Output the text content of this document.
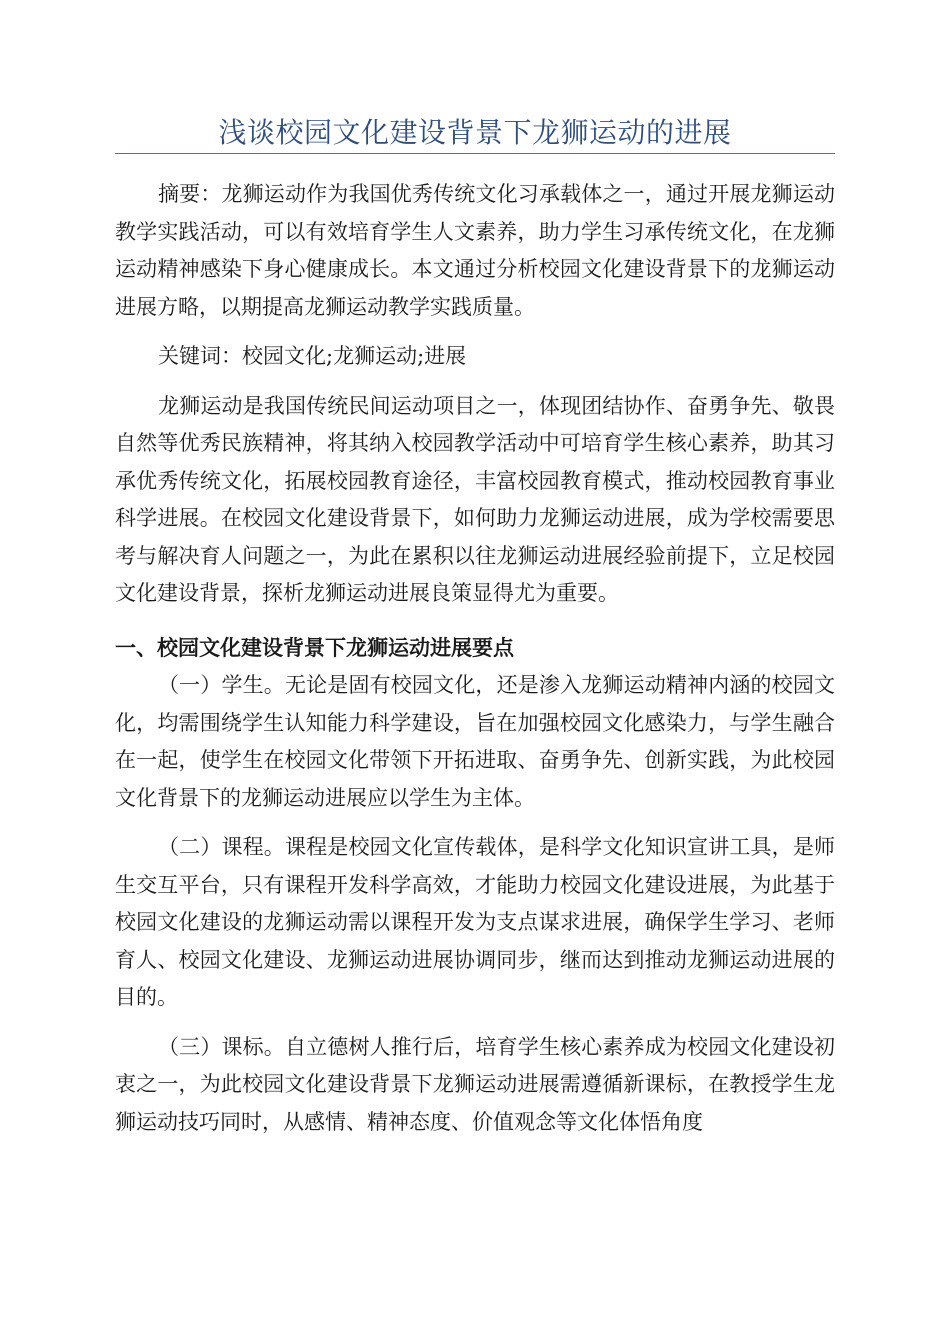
浅谈校园文化建设背景下龙狮运动的进展

摘要：龙狮运动作为我国优秀传统文化习承载体之一，通过开展龙狮运动教学实践活动，可以有效培育学生人文素养，助力学生习承传统文化，在龙狮运动精神感染下身心健康成长。本文通过分析校园文化建设背景下的龙狮运动进展方略，以期提高龙狮运动教学实践质量。

关键词：校园文化;龙狮运动;进展

龙狮运动是我国传统民间运动项目之一，体现团结协作、奋勇争先、敬畏自然等优秀民族精神，将其纳入校园教学活动中可培育学生核心素养，助其习承优秀传统文化，拓展校园教育途径，丰富校园教育模式，推动校园教育事业科学进展。在校园文化建设背景下，如何助力龙狮运动进展，成为学校需要思考与解决育人问题之一，为此在累积以往龙狮运动进展经验前提下，立足校园文化建设背景，探析龙狮运动进展良策显得尤为重要。

一、校园文化建设背景下龙狮运动进展要点

（一）学生。无论是固有校园文化，还是渗入龙狮运动精神内涵的校园文化，均需围绕学生认知能力科学建设，旨在加强校园文化感染力，与学生融合在一起，使学生在校园文化带领下开拓进取、奋勇争先、创新实践，为此校园文化背景下的龙狮运动进展应以学生为主体。

（二）课程。课程是校园文化宣传载体，是科学文化知识宣讲工具，是师生交互平台，只有课程开发科学高效，才能助力校园文化建设进展，为此基于校园文化建设的龙狮运动需以课程开发为支点谋求进展，确保学生学习、老师育人、校园文化建设、龙狮运动进展协调同步，继而达到推动龙狮运动进展的目的。

（三）课标。自立德树人推行后，培育学生核心素养成为校园文化建设初衷之一，为此校园文化建设背景下龙狮运动进展需遵循新课标，在教授学生龙狮运动技巧同时，从感情、精神态度、价值观念等文化体悟角度
